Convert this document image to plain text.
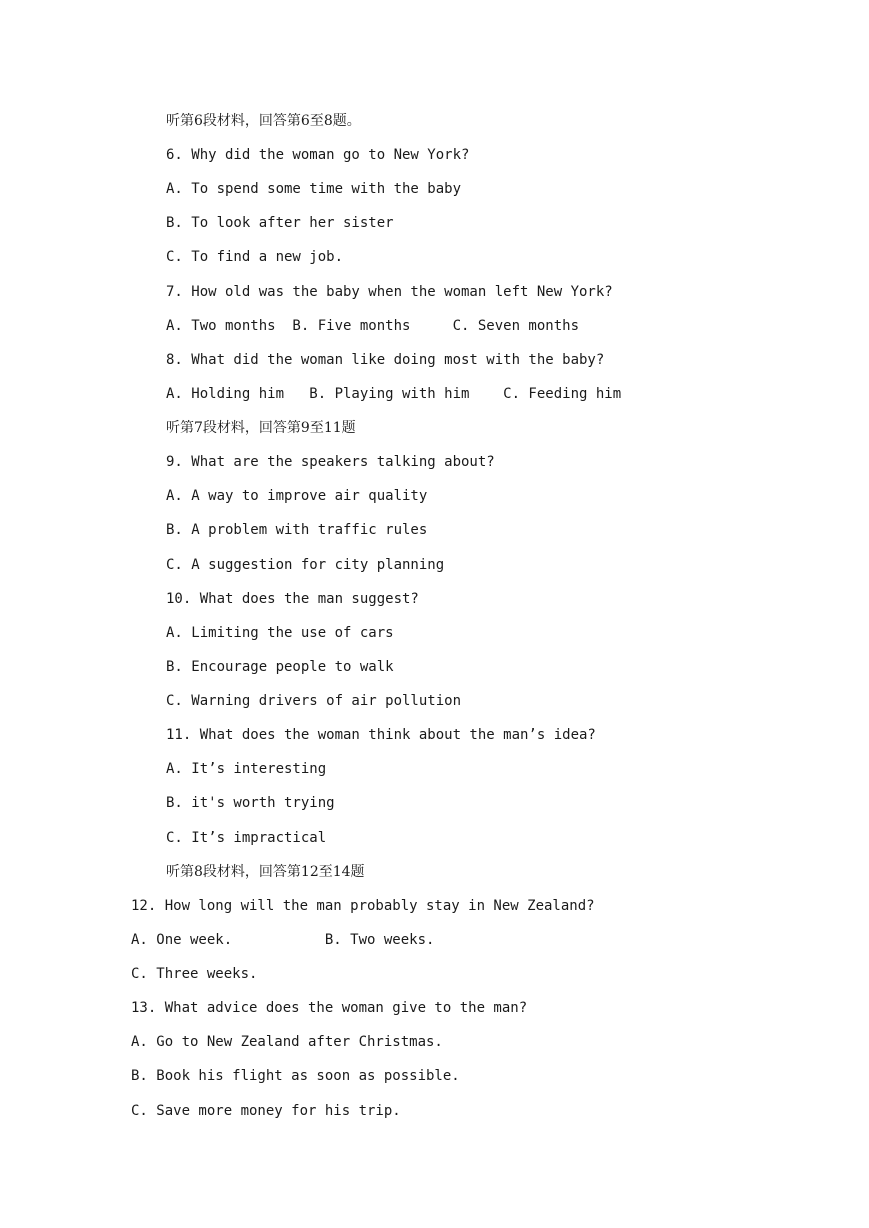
听第6段材料，回答第6至8题。
6. Why did the woman go to New York?
A. To spend some time with the baby
B. To look after her sister
C. To find a new job.
7. How old was the baby when the woman left New York?
A. Two months  B. Five months     C. Seven months
8. What did the woman like doing most with the baby?
A. Holding him   B. Playing with him    C. Feeding him
听第7段材料，回答第9至11题
9. What are the speakers talking about?
A. A way to improve air quality
B. A problem with traffic rules
C. A suggestion for city planning
10. What does the man suggest?
A. Limiting the use of cars
B. Encourage people to walk
C. Warning drivers of air pollution
11. What does the woman think about the man’s idea?
A. It’s interesting
B. it's worth trying
C. It’s impractical
听第8段材料，回答第12至14题
12. How long will the man probably stay in New Zealand?
A. One week.           B. Two weeks.
C. Three weeks.
13. What advice does the woman give to the man?
A. Go to New Zealand after Christmas.
B. Book his flight as soon as possible.
C. Save more money for his trip.
